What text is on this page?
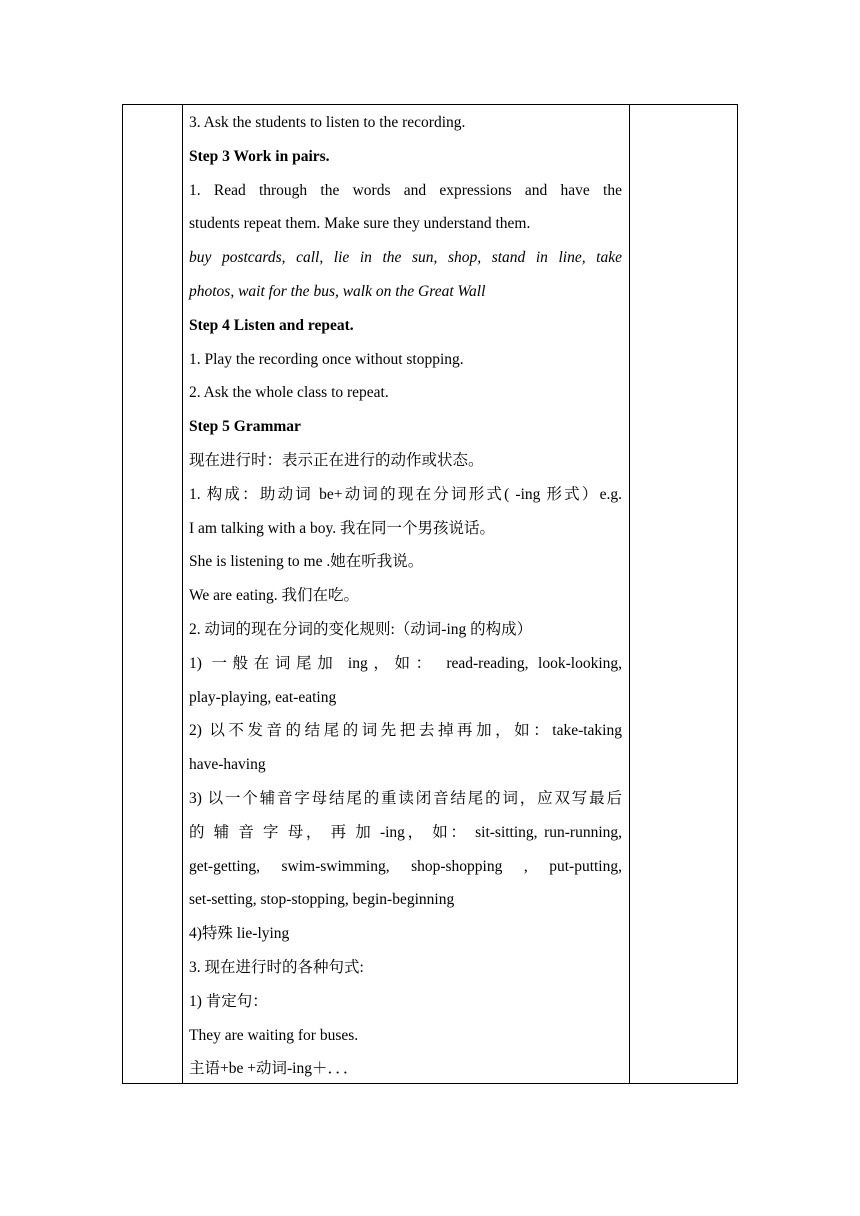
3. Ask the students to listen to the recording.
Step 3 Work in pairs.
1. Read through the words and expressions and have the
students repeat them. Make sure they understand them.
buy postcards, call, lie in the sun, shop, stand in line, take
photos, wait for the bus, walk on the Great Wall
Step 4 Listen and repeat.
1. Play the recording once without stopping.
2. Ask the whole class to repeat.
Step 5 Grammar
现在进行时：表示正在进行的动作或状态。
1. 构成：助动词 be+动词的现在分词形式( -ing 形式）e.g.
I am talking with a boy. 我在同一个男孩说话。
She is listening to me .她在听我说。
We are eating. 我们在吃。
2. 动词的现在分词的变化规则:（动词-ing 的构成）
1) 一般在词尾加 ing，如： read-reading, look-looking,
play-playing, eat-eating
2) 以不发音的结尾的词先把去掉再加，如：take-taking
have-having
3) 以一个辅音字母结尾的重读闭音结尾的词，应双写最后
的 辅 音 字 母， 再 加 -ing， 如： sit-sitting, run-running,
get-getting, swim-swimming, shop-shopping , put-putting,
set-setting, stop-stopping, begin-beginning
4)特殊 lie-lying
3. 现在进行时的各种句式:
1) 肯定句：
They are waiting for buses.
主语+be +动词-ing＋．．．
